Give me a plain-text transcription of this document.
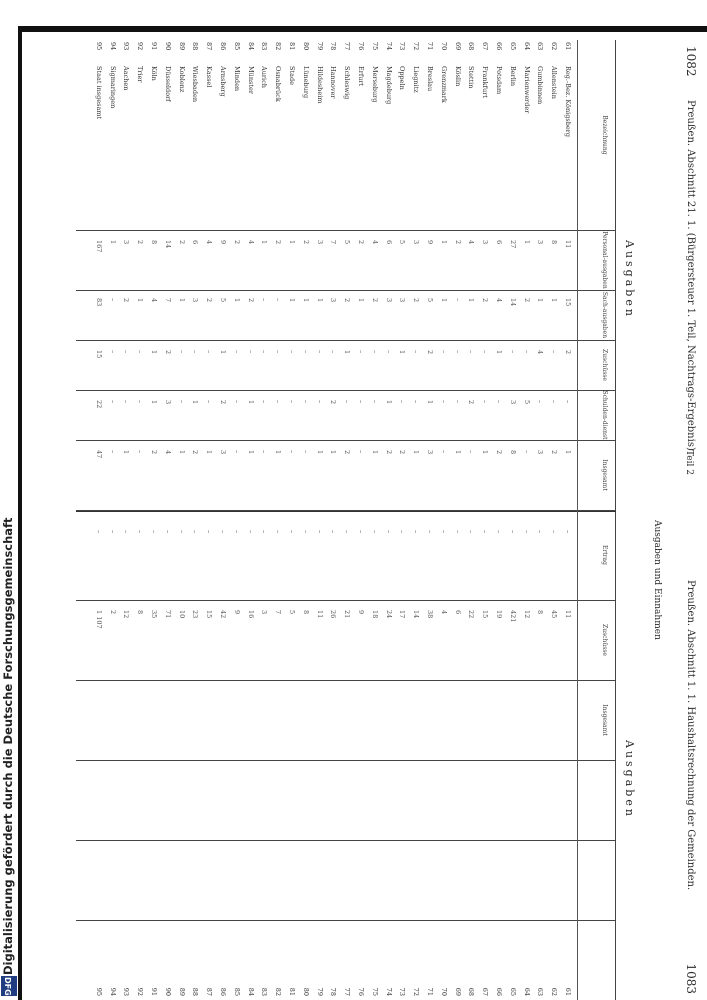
Digitalisierung gefördert durch die Deutsche Forschungsgemeinschaft
DFG
1082
1083
Preußen. Abschnitt 21. 1. (Bürgersteuer 1. Teil, Nachtrags-Ergebnis)
Preußen. Abschnitt 1. 1. Haushaltsrechnung der Gemeinden.
Teil 2
Ausgaben und Einnahmen
Ausgaben
Ausgaben
Bezeichnung
Personal-ausgaben
Sach-ausgaben
Zuschüsse
Schulden-dienst
Insgesamt
Ertrag
Zuschüsse
Insgesamt
61
Reg.-Bez. Königsberg
11
15
2
–
1
–
11
61
62
Allenstein
8
1
–
–
2
–
45
62
63
Gumbinnen
3
1
4
–
3
–
8
63
64
Marienwerder
1
2
–
5
–
–
12
64
65
Berlin
27
14
–
3
8
–
421
65
66
Potsdam
6
4
1
–
2
–
19
66
67
Frankfurt
3
2
–
–
1
–
15
67
68
Stettin
4
1
–
2
–
–
22
68
69
Köslin
2
–
–
–
1
–
6
69
70
Grenzmark
1
1
–
–
–
–
4
70
71
Breslau
9
5
2
1
3
–
38
71
72
Liegnitz
3
2
–
–
1
–
14
72
73
Oppeln
5
3
1
–
2
–
17
73
74
Magdeburg
6
3
–
1
2
–
24
74
75
Merseburg
4
2
–
–
1
–
18
75
76
Erfurt
2
1
–
–
–
–
9
76
77
Schleswig
5
2
1
–
2
–
21
77
78
Hannover
7
3
–
2
1
–
26
78
79
Hildesheim
3
1
–
–
1
–
11
79
80
Lüneburg
2
1
–
–
–
–
8
80
81
Stade
1
1
–
–
–
–
5
81
82
Osnabrück
2
–
–
–
1
–
7
82
83
Aurich
1
–
–
–
–
–
3
83
84
Münster
4
2
–
1
1
–
16
84
85
Minden
2
1
–
–
–
–
9
85
86
Arnsberg
9
5
1
2
3
–
42
86
87
Kassel
4
2
–
–
1
–
15
87
88
Wiesbaden
6
3
–
1
2
–
23
88
89
Koblenz
2
1
–
–
1
–
10
89
90
Düsseldorf
14
7
2
3
4
–
71
90
91
Köln
8
4
1
1
2
–
35
91
92
Trier
2
1
–
–
–
–
8
92
93
Aachen
3
2
–
–
1
–
12
93
94
Sigmaringen
1
–
–
–
–
–
2
94
95
Staat insgesamt
167
83
15
22
47
–
1 107
95
